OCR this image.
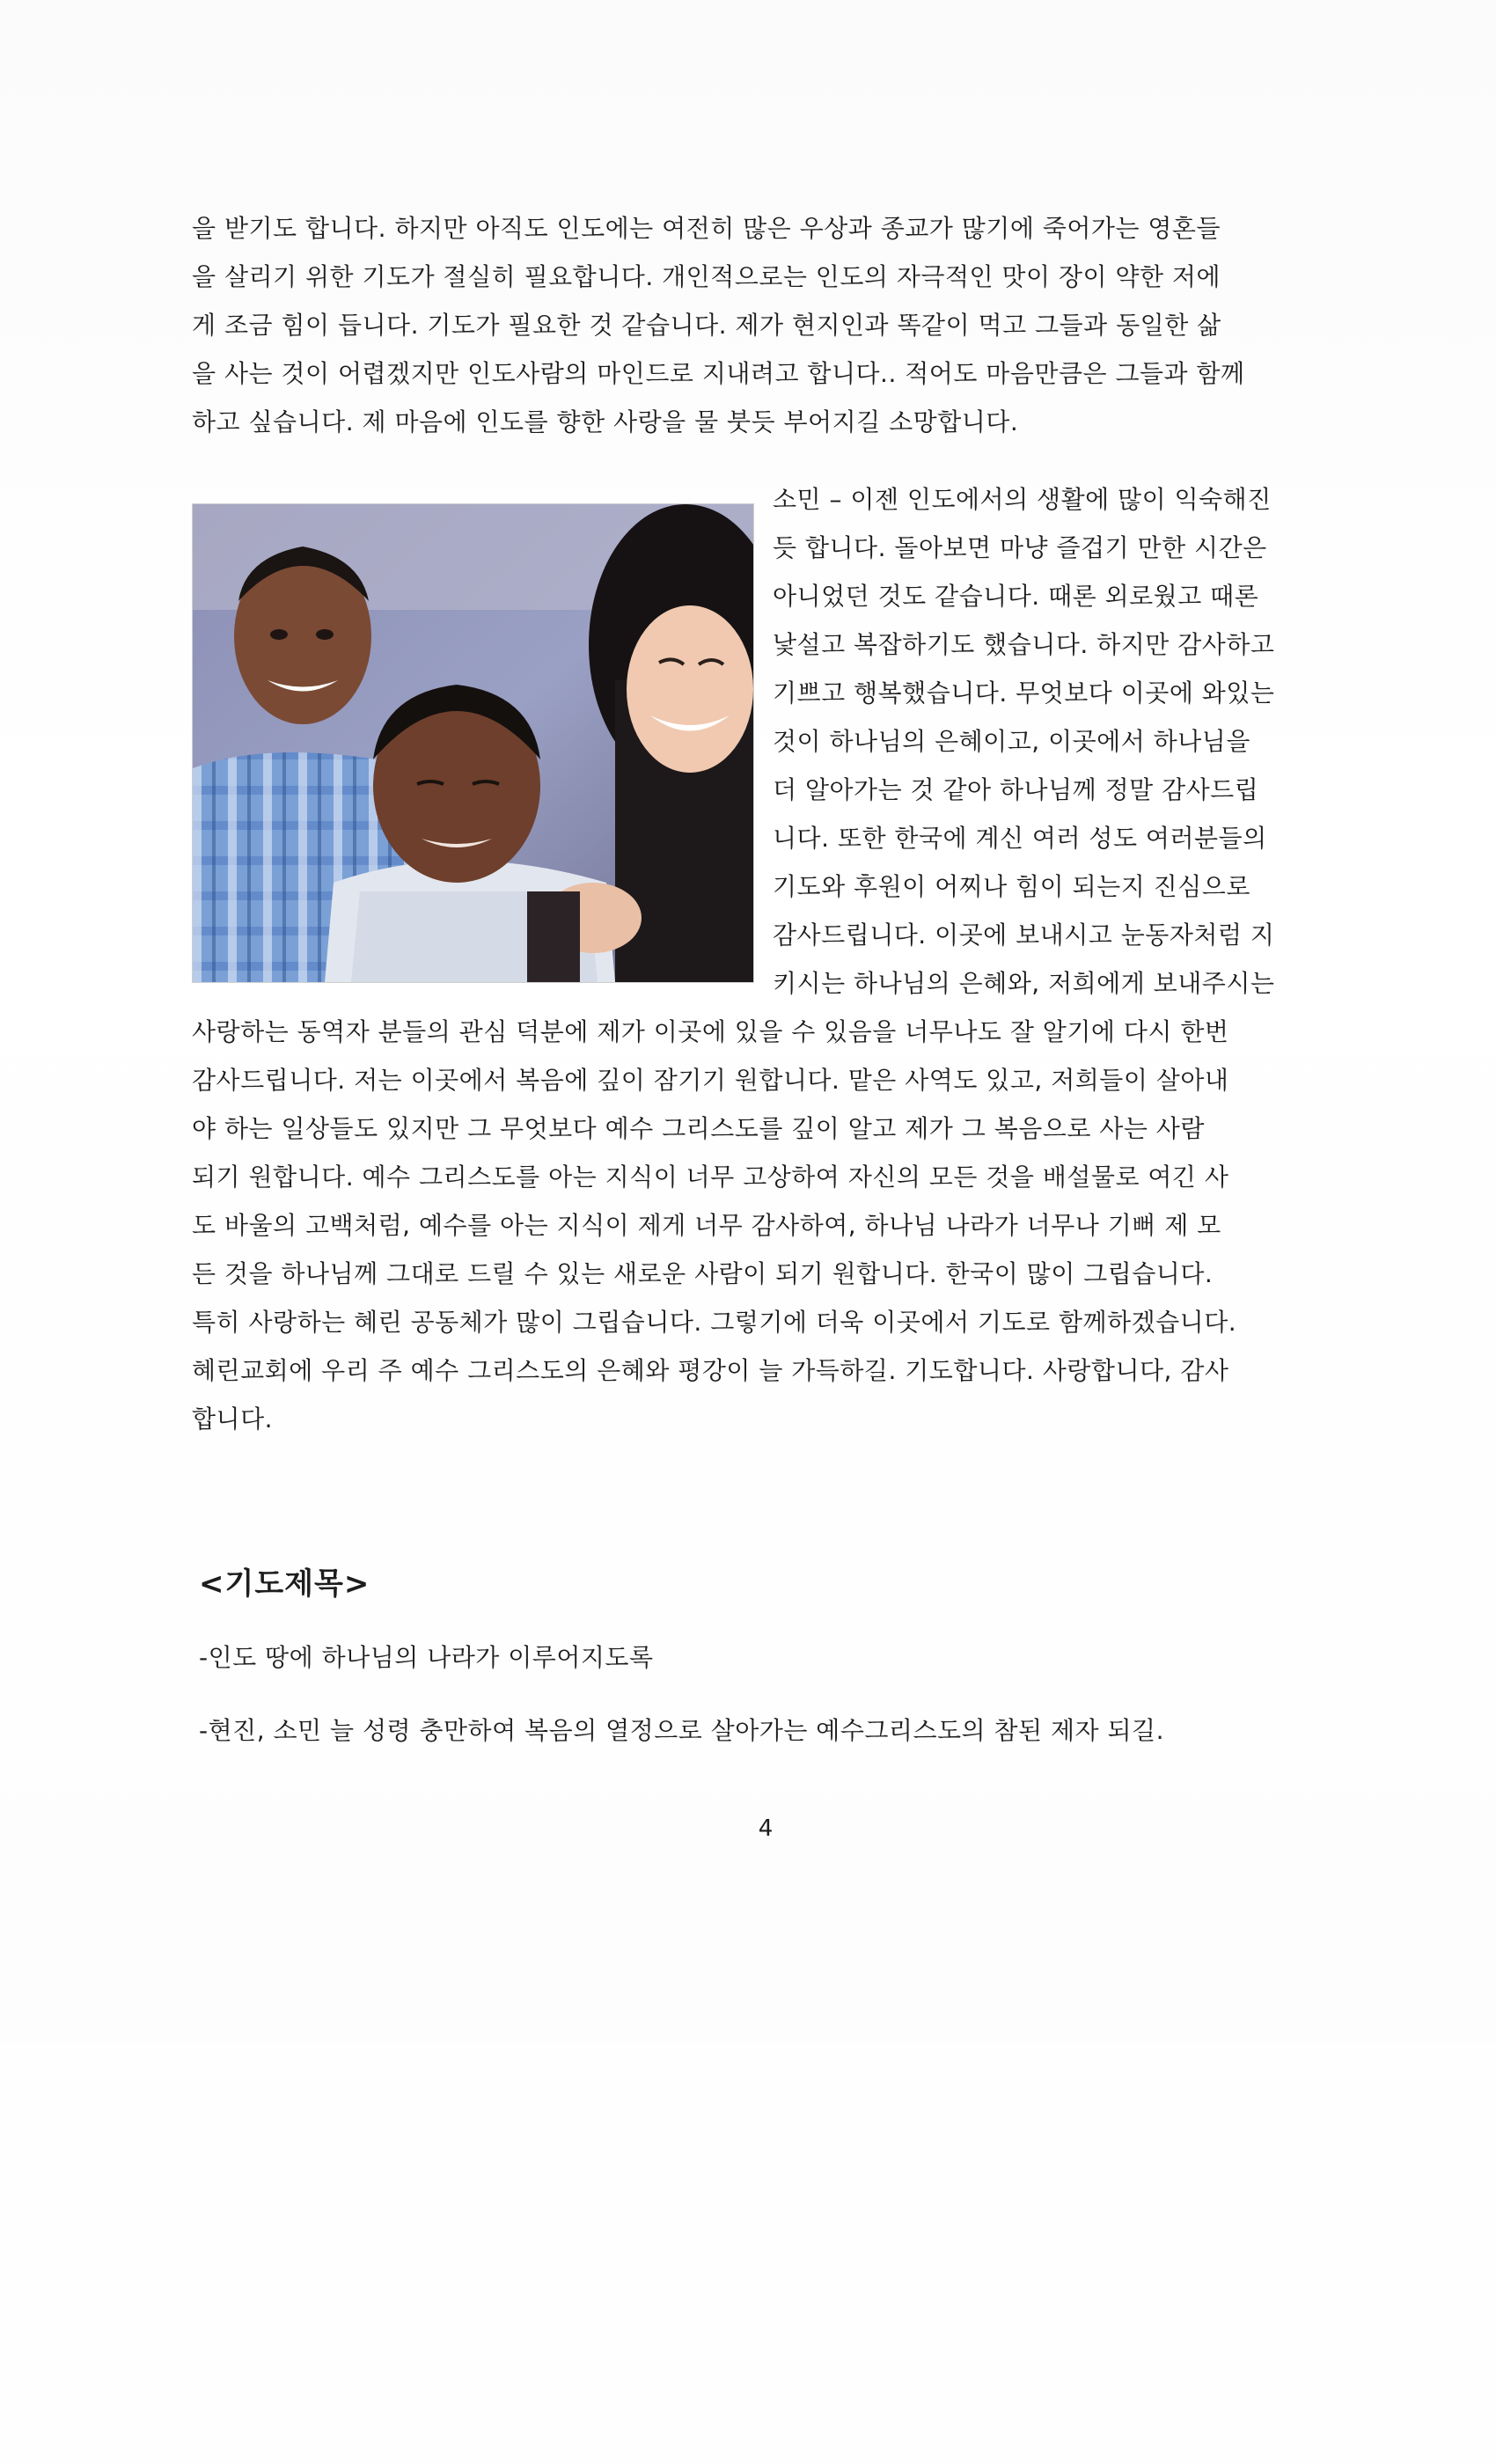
을 받기도 합니다. 하지만 아직도 인도에는 여전히 많은 우상과 종교가 많기에 죽어가는 영혼들
을 살리기 위한 기도가 절실히 필요합니다. 개인적으로는 인도의 자극적인 맛이 장이 약한 저에
게 조금 힘이 듭니다. 기도가 필요한 것 같습니다. 제가 현지인과 똑같이 먹고 그들과 동일한 삶
을 사는 것이 어렵겠지만 인도사람의 마인드로 지내려고 합니다.. 적어도 마음만큼은 그들과 함께
하고 싶습니다. 제 마음에 인도를 향한 사랑을 물 붓듯 부어지길 소망합니다.

소민 – 이젠 인도에서의 생활에 많이 익숙해진
듯 합니다. 돌아보면 마냥 즐겁기 만한 시간은
아니었던 것도 같습니다. 때론 외로웠고 때론
낯설고 복잡하기도 했습니다. 하지만 감사하고
기쁘고 행복했습니다. 무엇보다 이곳에 와있는
것이 하나님의 은혜이고, 이곳에서 하나님을
더 알아가는 것 같아 하나님께 정말 감사드립
니다. 또한 한국에 계신 여러 성도 여러분들의
기도와 후원이 어찌나 힘이 되는지 진심으로
감사드립니다. 이곳에 보내시고 눈동자처럼 지
키시는 하나님의 은혜와, 저희에게 보내주시는

사랑하는 동역자 분들의 관심 덕분에 제가 이곳에 있을 수 있음을 너무나도 잘 알기에 다시 한번
감사드립니다. 저는 이곳에서 복음에 깊이 잠기기 원합니다. 맡은 사역도 있고, 저희들이 살아내
야 하는 일상들도 있지만 그 무엇보다 예수 그리스도를 깊이 알고 제가 그 복음으로 사는 사람
되기 원합니다. 예수 그리스도를 아는 지식이 너무 고상하여 자신의 모든 것을 배설물로 여긴 사
도 바울의 고백처럼, 예수를 아는 지식이 제게 너무 감사하여, 하나님 나라가 너무나 기뻐 제 모
든 것을 하나님께 그대로 드릴 수 있는 새로운 사람이 되기 원합니다. 한국이 많이 그립습니다.
특히 사랑하는 혜린 공동체가 많이 그립습니다. 그렇기에 더욱 이곳에서 기도로 함께하겠습니다.
혜린교회에 우리 주 예수 그리스도의 은혜와 평강이 늘 가득하길. 기도합니다. 사랑합니다, 감사
합니다.

<기도제목>

-인도 땅에 하나님의 나라가 이루어지도록

-현진, 소민 늘 성령 충만하여 복음의 열정으로 살아가는 예수그리스도의 참된 제자 되길.

4
